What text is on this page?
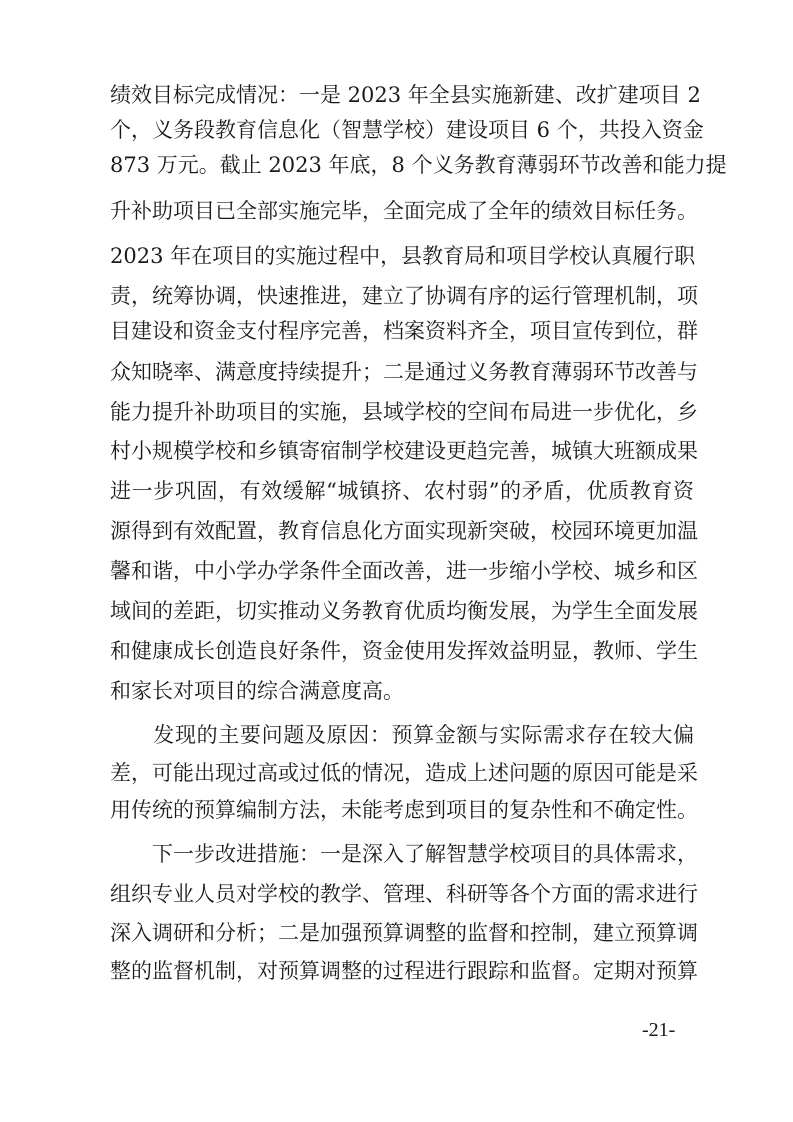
绩效目标完成情况：一是 2023 年全县实施新建、改扩建项目 2
个，义务段教育信息化（智慧学校）建设项目 6 个，共投入资金
873 万元。截止 2023 年底，8 个义务教育薄弱环节改善和能力提
升补助项目已全部实施完毕，全面完成了全年的绩效目标任务。
2023 年在项目的实施过程中，县教育局和项目学校认真履行职
责，统筹协调，快速推进，建立了协调有序的运行管理机制，项
目建设和资金支付程序完善，档案资料齐全，项目宣传到位，群
众知晓率、满意度持续提升；二是通过义务教育薄弱环节改善与
能力提升补助项目的实施，县域学校的空间布局进一步优化，乡
村小规模学校和乡镇寄宿制学校建设更趋完善，城镇大班额成果
进一步巩固，有效缓解“城镇挤、农村弱”的矛盾，优质教育资
源得到有效配置，教育信息化方面实现新突破，校园环境更加温
馨和谐，中小学办学条件全面改善，进一步缩小学校、城乡和区
域间的差距，切实推动义务教育优质均衡发展，为学生全面发展
和健康成长创造良好条件，资金使用发挥效益明显，教师、学生
和家长对项目的综合满意度高。
　　发现的主要问题及原因：预算金额与实际需求存在较大偏
差，可能出现过高或过低的情况，造成上述问题的原因可能是采
用传统的预算编制方法，未能考虑到项目的复杂性和不确定性。
　　下一步改进措施：一是深入了解智慧学校项目的具体需求，
组织专业人员对学校的教学、管理、科研等各个方面的需求进行
深入调研和分析；二是加强预算调整的监督和控制，建立预算调
整的监督机制，对预算调整的过程进行跟踪和监督。定期对预算
-21-
